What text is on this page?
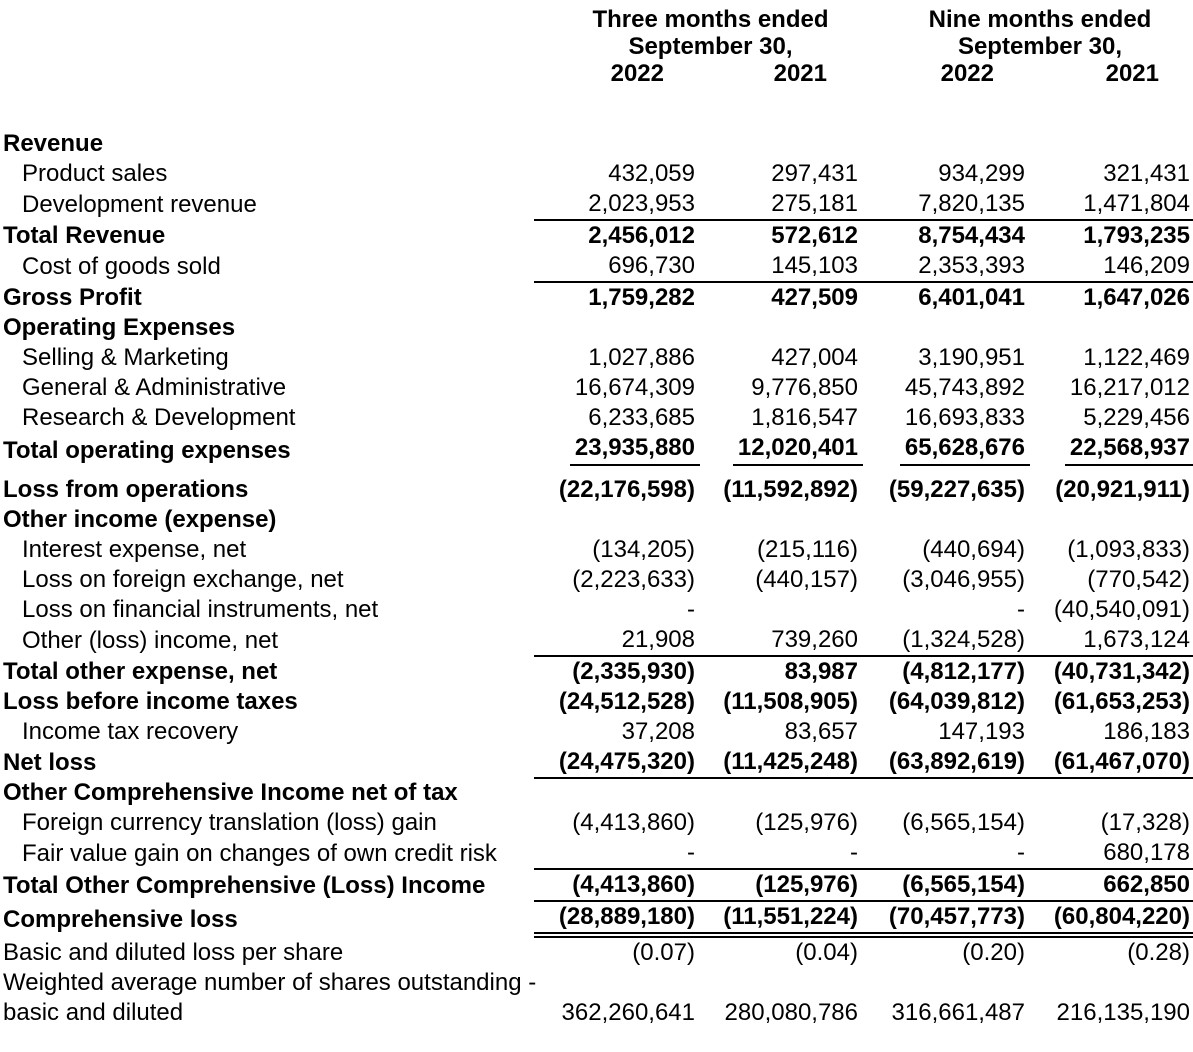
	Three months ended		Nine months ended	
	September 30,		September 30,	
	2022	2021	2022	2021

Revenue				
Product sales	432,059	297,431	934,299	321,431
Development revenue	2,023,953	275,181	7,820,135	1,471,804
Total Revenue	2,456,012	572,612	8,754,434	1,793,235
Cost of goods sold	696,730	145,103	2,353,393	146,209
Gross Profit	1,759,282	427,509	6,401,041	1,647,026
Operating Expenses				
Selling & Marketing	1,027,886	427,004	3,190,951	1,122,469
General & Administrative	16,674,309	9,776,850	45,743,892	16,217,012
Research & Development	6,233,685	1,816,547	16,693,833	5,229,456
Total operating expenses	23,935,880	12,020,401	65,628,676	22,568,937
Loss from operations	(22,176,598)	(11,592,892)	(59,227,635)	(20,921,911)
Other income (expense)				
Interest expense, net	(134,205)	(215,116)	(440,694)	(1,093,833)
Loss on foreign exchange, net	(2,223,633)	(440,157)	(3,046,955)	(770,542)
Loss on financial instruments, net	-		-	(40,540,091)
Other (loss) income, net	21,908	739,260	(1,324,528)	1,673,124
Total other expense, net	(2,335,930)	83,987	(4,812,177)	(40,731,342)
Loss before income taxes	(24,512,528)	(11,508,905)	(64,039,812)	(61,653,253)
Income tax recovery	37,208	83,657	147,193	186,183
Net loss	(24,475,320)	(11,425,248)	(63,892,619)	(61,467,070)
Other Comprehensive Income net of tax				
Foreign currency translation (loss) gain	(4,413,860)	(125,976)	(6,565,154)	(17,328)
Fair value gain on changes of own credit risk	-	-	-	680,178
Total Other Comprehensive (Loss) Income	(4,413,860)	(125,976)	(6,565,154)	662,850
Comprehensive loss	(28,889,180)	(11,551,224)	(70,457,773)	(60,804,220)
Basic and diluted loss per share	(0.07)	(0.04)	(0.20)	(0.28)
Weighted average number of shares outstanding -				
basic and diluted	362,260,641	280,080,786	316,661,487	216,135,190
